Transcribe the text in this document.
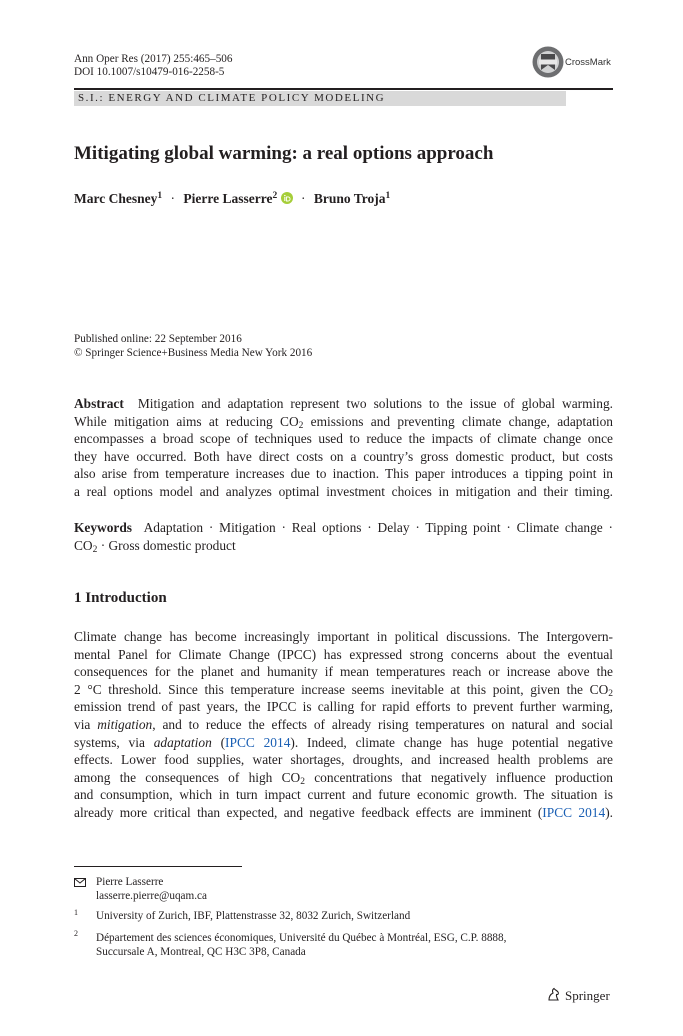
Ann Oper Res (2017) 255:465–506
DOI 10.1007/s10479-016-2258-5
CrossMark
S.I.: ENERGY AND CLIMATE POLICY MODELING
Mitigating global warming: a real options approach
Marc Chesney$^1$ · Pierre Lasserre$^2$ · Bruno Troja$^1$
Published online: 22 September 2016
© Springer Science+Business Media New York 2016
Abstract Mitigation and adaptation represent two solutions to the issue of global warming.
While mitigation aims at reducing $CO_2$ emissions and preventing climate change, adaptation
encompasses a broad scope of techniques used to reduce the impacts of climate change once
they have occurred. Both have direct costs on a country’s gross domestic product, but costs
also arise from temperature increases due to inaction. This paper introduces a tipping point in
a real options model and analyzes optimal investment choices in mitigation and their timing.
Keywords Adaptation · Mitigation · Real options · Delay · Tipping point · Climate change ·
$CO_2$ · Gross domestic product
1 Introduction
Climate change has become increasingly important in political discussions. The Intergovern-
mental Panel for Climate Change (IPCC) has expressed strong concerns about the eventual
consequences for the planet and humanity if mean temperatures reach or increase above the
2 °C threshold. Since this temperature increase seems inevitable at this point, given the $CO_2$
emission trend of past years, the IPCC is calling for rapid efforts to prevent further warming,
via mitigation, and to reduce the effects of already rising temperatures on natural and social
systems, via adaptation (IPCC 2014). Indeed, climate change has huge potential negative
effects. Lower food supplies, water shortages, droughts, and increased health problems are
among the consequences of high $CO_2$ concentrations that negatively influence production
and consumption, which in turn impact current and future economic growth. The situation is
already more critical than expected, and negative feedback effects are imminent (IPCC 2014).
Pierre Lasserre
lasserre.pierre@uqam.ca
1 University of Zurich, IBF, Plattenstrasse 32, 8032 Zurich, Switzerland
2 Département des sciences économiques, Université du Québec à Montréal, ESG, C.P. 8888,
Succursale A, Montreal, QC H3C 3P8, Canada
Springer
